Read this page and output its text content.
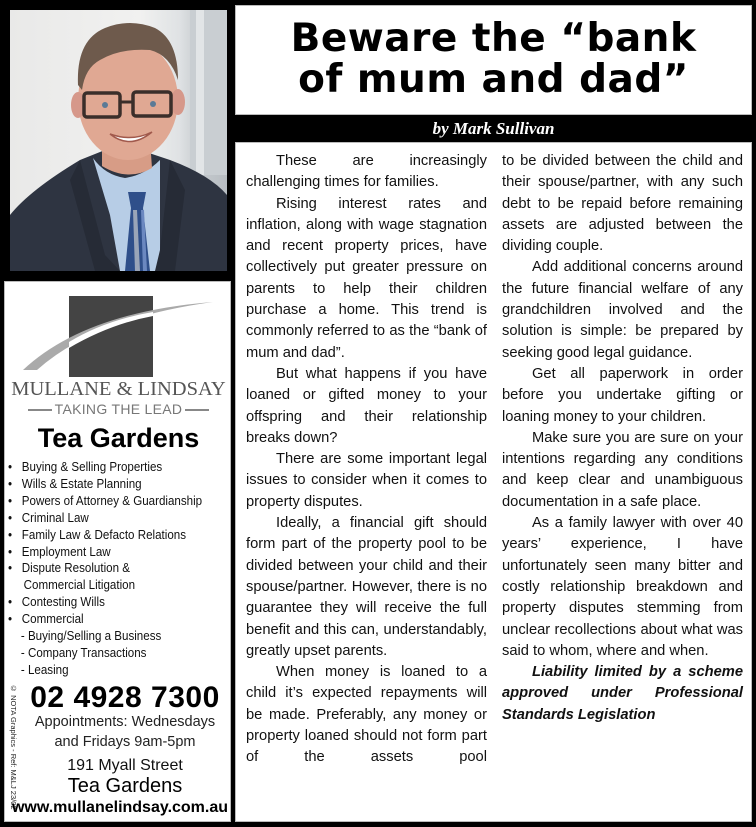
MULLANE & LINDSAY
TAKING THE LEAD
Tea Gardens
• Buying & Selling Properties
• Wills & Estate Planning
• Powers of Attorney & Guardianship
• Criminal Law
• Family Law & Defacto Relations
• Employment Law
• Dispute Resolution &
Commercial Litigation
• Contesting Wills
• Commercial
- Buying/Selling a Business
- Company Transactions
- Leasing
© NOTA Graphics - Ref: M&LJ 23/02 02 4928 7300
Appointments: Wednesdays
and Fridays 9am-5pm
191 Myall Street
Tea Gardens
www.mullanelindsay.com.au
Beware the “bank
of mum and dad”
by Mark Sullivan

These are increasingly challenging times for families.

Rising interest rates and inflation, along with wage stagnation and recent property prices, have collectively put greater pressure on parents to help their children purchase a home. This trend is commonly referred to as the “bank of mum and dad”.

But what happens if you have loaned or gifted money to your offspring and their relationship breaks down?

There are some important legal issues to consider when it comes to property disputes.

Ideally, a financial gift should form part of the property pool to be divided between your child and their spouse/partner. However, there is no guarantee they will receive the full benefit and this can, understandably, greatly upset parents.

When money is loaned to a child it’s expected repayments will be made. Preferably, any money or property loaned should not form part of the assets pool

to be divided between the child and their spouse/partner, with any such debt to be repaid before remaining assets are adjusted between the dividing couple.

Add additional concerns around the future financial welfare of any grandchildren involved and the solution is simple: be prepared by seeking good legal guidance.

Get all paperwork in order before you undertake gifting or loaning money to your children.

Make sure you are sure on your intentions regarding any conditions and keep clear and unambiguous documentation in a safe place.

As a family lawyer with over 40 years’ experience, I have unfortunately seen many bitter and costly relationship breakdown and property disputes stemming from unclear recollections about what was said to whom, where and when.

Liability limited by a scheme approved under Professional Standards Legislation
